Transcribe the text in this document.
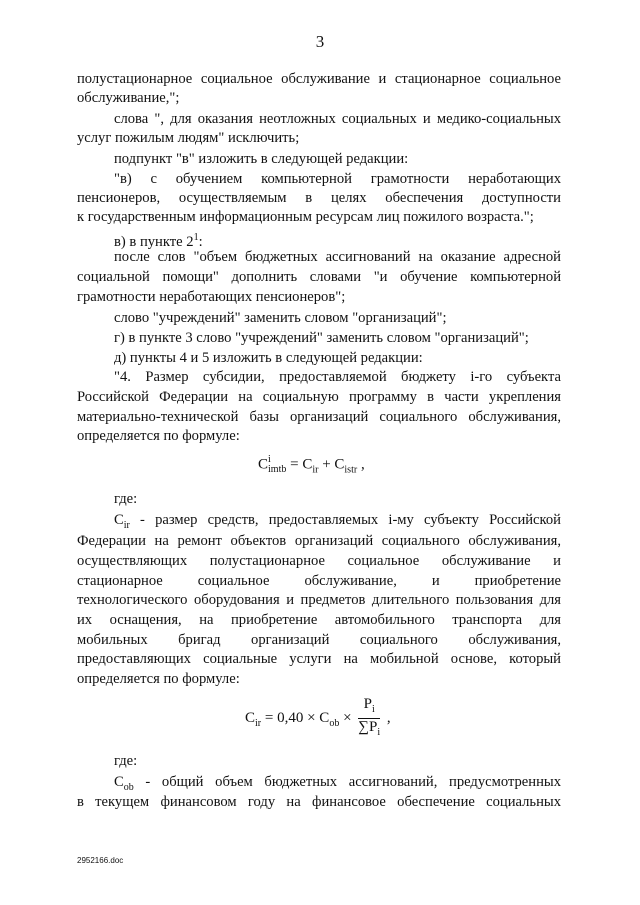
3
полустационарное социальное обслуживание и стационарное социальное
обслуживание,";
слова ", для оказания неотложных социальных и медико-социальных
услуг пожилым людям" исключить;
подпункт "в" изложить в следующей редакции:
"в) с обучением компьютерной грамотности неработающих
пенсионеров, осуществляемым в целях обеспечения доступности
к государственным информационным ресурсам лиц пожилого возраста.";
в) в пункте $2^1$:
после слов "объем бюджетных ассигнований на оказание адресной
социальной помощи" дополнить словами "и обучение компьютерной
грамотности неработающих пенсионеров";
слово "учреждений" заменить словом "организаций";
г) в пункте 3 слово "учреждений" заменить словом "организаций";
д) пункты 4 и 5 изложить в следующей редакции:
"4. Размер субсидии, предоставляемой бюджету i-го субъекта
Российской Федерации на социальную программу в части укрепления
материально-технической базы организаций социального обслуживания,
определяется по формуле:
C i
imtb = $C_{ir} + C_{istr}$ ,
где:
$C_{ir}$ - размер средств, предоставляемых i-му субъекту Российской
Федерации на ремонт объектов организаций социального обслуживания,
осуществляющих полустационарное социальное обслуживание и
стационарное социальное обслуживание, и приобретение
технологического оборудования и предметов длительного пользования для
их оснащения, на приобретение автомобильного транспорта для
мобильных бригад организаций социального обслуживания,
предоставляющих социальные услуги на мобильной основе, который
определяется по формуле:
$C_{ir} = 0,40 \times C_{ob} \times \frac{P_i}{\sum P_i}$ ,
где:
$C_{ob}$ - общий объем бюджетных ассигнований, предусмотренных
в текущем финансовом году на финансовое обеспечение социальных
2952166.doc
